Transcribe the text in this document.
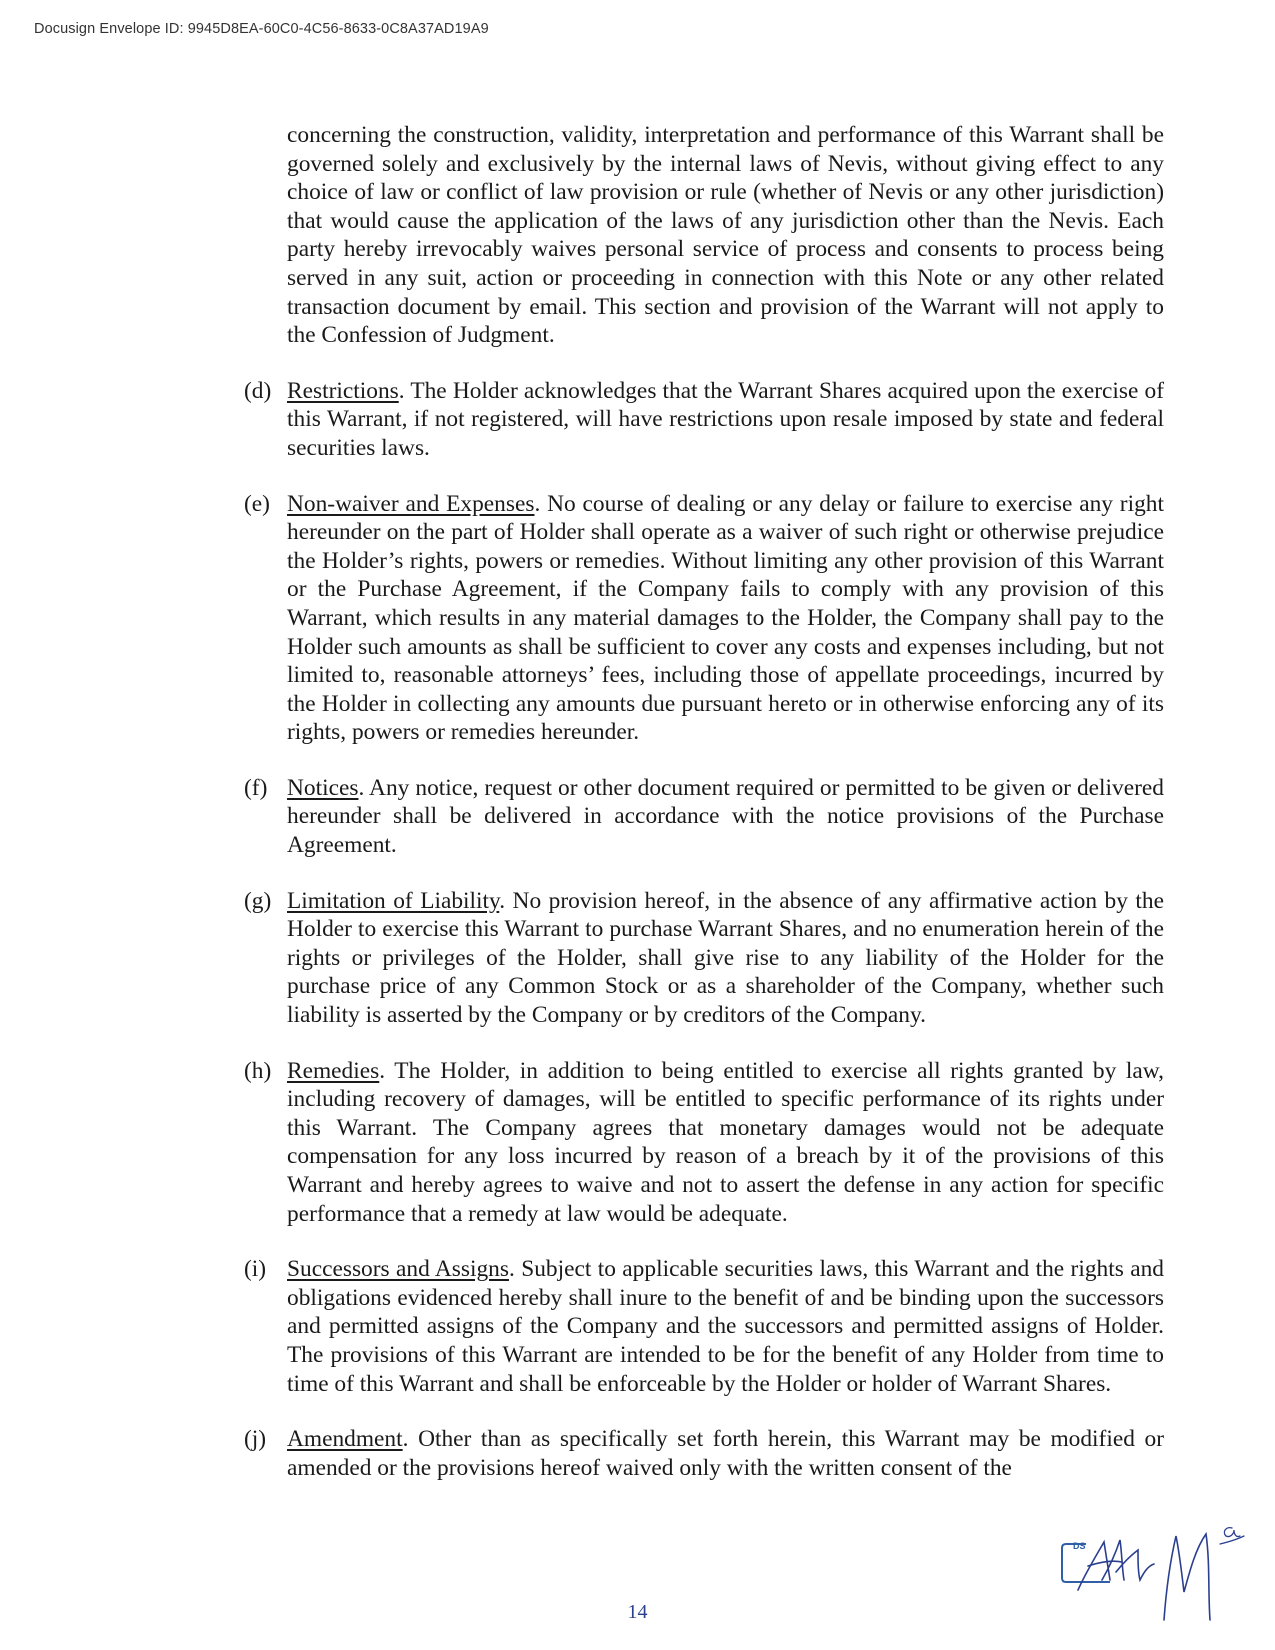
Docusign Envelope ID: 9945D8EA-60C0-4C56-8633-0C8A37AD19A9

concerning the construction, validity, interpretation and performance of this Warrant shall be governed solely and exclusively by the internal laws of Nevis, without giving effect to any choice of law or conflict of law provision or rule (whether of Nevis or any other jurisdiction) that would cause the application of the laws of any jurisdiction other than the Nevis. Each party hereby irrevocably waives personal service of process and consents to process being served in any suit, action or proceeding in connection with this Note or any other related transaction document by email. This section and provision of the Warrant will not apply to the Confession of Judgment.

(d) Restrictions. The Holder acknowledges that the Warrant Shares acquired upon the exercise of this Warrant, if not registered, will have restrictions upon resale imposed by state and federal securities laws.
(e) Non-waiver and Expenses. No course of dealing or any delay or failure to exercise any right hereunder on the part of Holder shall operate as a waiver of such right or otherwise prejudice the Holder’s rights, powers or remedies. Without limiting any other provision of this Warrant or the Purchase Agreement, if the Company fails to comply with any provision of this Warrant, which results in any material damages to the Holder, the Company shall pay to the Holder such amounts as shall be sufficient to cover any costs and expenses including, but not limited to, reasonable attorneys’ fees, including those of appellate proceedings, incurred by the Holder in collecting any amounts due pursuant hereto or in otherwise enforcing any of its rights, powers or remedies hereunder.
(f) Notices. Any notice, request or other document required or permitted to be given or delivered hereunder shall be delivered in accordance with the notice provisions of the Purchase Agreement.
(g) Limitation of Liability. No provision hereof, in the absence of any affirmative action by the Holder to exercise this Warrant to purchase Warrant Shares, and no enumeration herein of the rights or privileges of the Holder, shall give rise to any liability of the Holder for the purchase price of any Common Stock or as a shareholder of the Company, whether such liability is asserted by the Company or by creditors of the Company.
(h) Remedies. The Holder, in addition to being entitled to exercise all rights granted by law, including recovery of damages, will be entitled to specific performance of its rights under this Warrant. The Company agrees that monetary damages would not be adequate compensation for any loss incurred by reason of a breach by it of the provisions of this Warrant and hereby agrees to waive and not to assert the defense in any action for specific performance that a remedy at law would be adequate.
(i) Successors and Assigns. Subject to applicable securities laws, this Warrant and the rights and obligations evidenced hereby shall inure to the benefit of and be binding upon the successors and permitted assigns of the Company and the successors and permitted assigns of Holder. The provisions of this Warrant are intended to be for the benefit of any Holder from time to time of this Warrant and shall be enforceable by the Holder or holder of Warrant Shares.
(j) Amendment. Other than as specifically set forth herein, this Warrant may be modified or amended or the provisions hereof waived only with the written consent of the
14
DS
